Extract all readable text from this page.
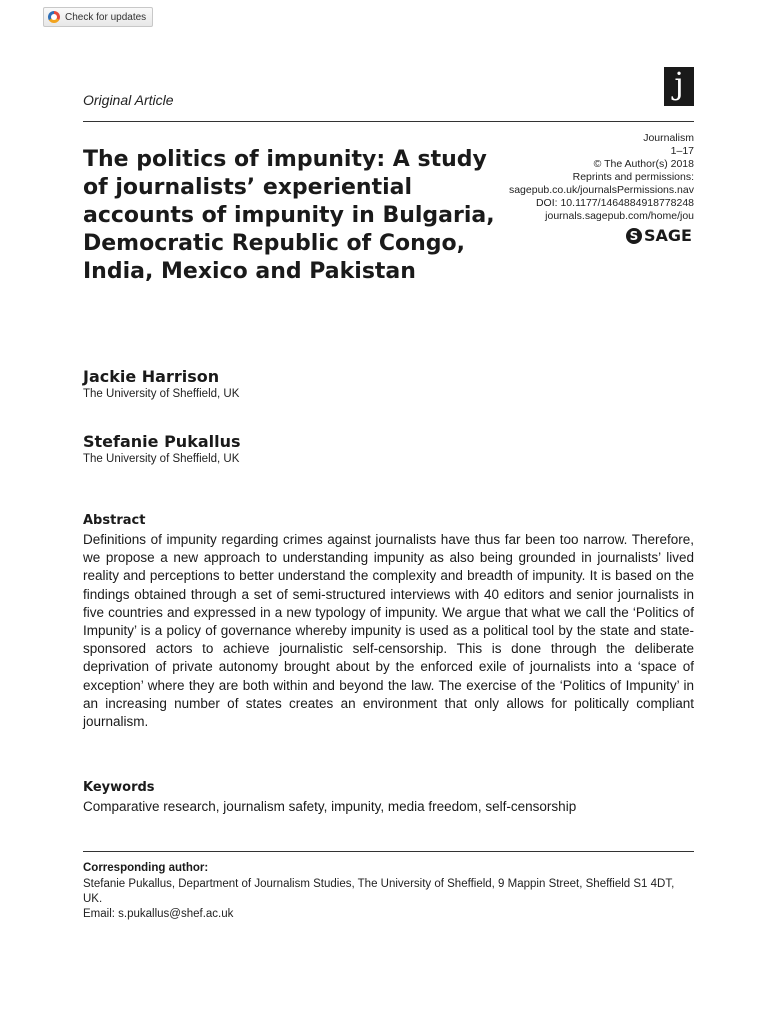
Check for updates
j
Original Article
The politics of impunity: A study of journalists’ experiential accounts of impunity in Bulgaria, Democratic Republic of Congo, India, Mexico and Pakistan
Journalism
1–17
© The Author(s) 2018
Reprints and permissions:
sagepub.co.uk/journalsPermissions.nav
DOI: 10.1177/1464884918778248
journals.sagepub.com/home/jou
S SAGE
Jackie Harrison
The University of Sheffield, UK
Stefanie Pukallus
The University of Sheffield, UK
Abstract

Definitions of impunity regarding crimes against journalists have thus far been too narrow. Therefore, we propose a new approach to understanding impunity as also being grounded in journalists’ lived reality and perceptions to better understand the complexity and breadth of impunity. It is based on the findings obtained through a set of semi-structured interviews with 40 editors and senior journalists in five countries and expressed in a new typology of impunity. We argue that what we call the ‘Politics of Impunity’ is a policy of governance whereby impunity is used as a political tool by the state and state-sponsored actors to achieve journalistic self-censorship. This is done through the deliberate deprivation of private autonomy brought about by the enforced exile of journalists into a ‘space of exception’ where they are both within and beyond the law. The exercise of the ‘Politics of Impunity’ in an increasing number of states creates an environment that only allows for politically compliant journalism.

Keywords
Comparative research, journalism safety, impunity, media freedom, self-censorship
Corresponding author:

Stefanie Pukallus, Department of Journalism Studies, The University of Sheffield, 9 Mappin Street, Sheffield S1 4DT, UK.

Email: s.pukallus@shef.ac.uk
